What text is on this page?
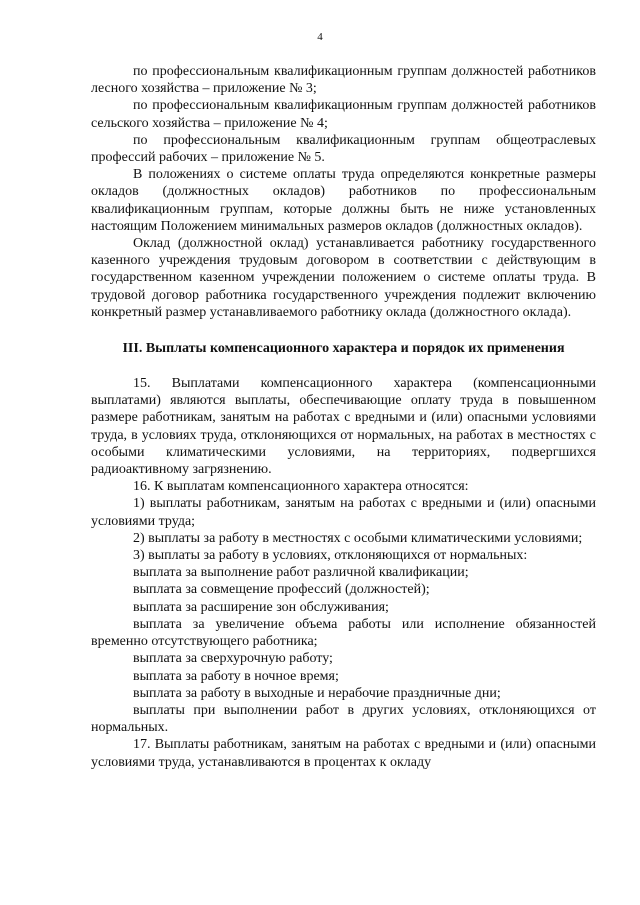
4

по профессиональным квалификационным группам должностей работников лесного хозяйства – приложение № 3;

по профессиональным квалификационным группам должностей работников сельского хозяйства – приложение № 4;

по профессиональным квалификационным группам общеотраслевых профессий рабочих – приложение № 5.

В положениях о системе оплаты труда определяются конкретные размеры окладов (должностных окладов) работников по профессиональным квалификационным группам, которые должны быть не ниже установленных настоящим Положением минимальных размеров окладов (должностных окладов).

Оклад (должностной оклад) устанавливается работнику государственного казенного учреждения трудовым договором в соответствии с действующим в государственном казенном учреждении положением о системе оплаты труда. В трудовой договор работника государственного учреждения подлежит включению конкретный размер устанавливаемого работнику оклада (должностного оклада).

III. Выплаты компенсационного характера и порядок их применения

15. Выплатами компенсационного характера (компенсационными выплатами) являются выплаты, обеспечивающие оплату труда в повышенном размере работникам, занятым на работах с вредными и (или) опасными условиями труда, в условиях труда, отклоняющихся от нормальных, на работах в местностях с особыми климатическими условиями, на территориях, подвергшихся радиоактивному загрязнению.

16. К выплатам компенсационного характера относятся:

1) выплаты работникам, занятым на работах с вредными и (или) опасными условиями труда;

2) выплаты за работу в местностях с особыми климатическими условиями;

3) выплаты за работу в условиях, отклоняющихся от нормальных:

выплата за выполнение работ различной квалификации;

выплата за совмещение профессий (должностей);

выплата за расширение зон обслуживания;

выплата за увеличение объема работы или исполнение обязанностей временно отсутствующего работника;

выплата за сверхурочную работу;

выплата за работу в ночное время;

выплата за работу в выходные и нерабочие праздничные дни;

выплаты при выполнении работ в других условиях, отклоняющихся от нормальных.

17. Выплаты работникам, занятым на работах с вредными и (или) опасными условиями труда, устанавливаются в процентах к окладу
